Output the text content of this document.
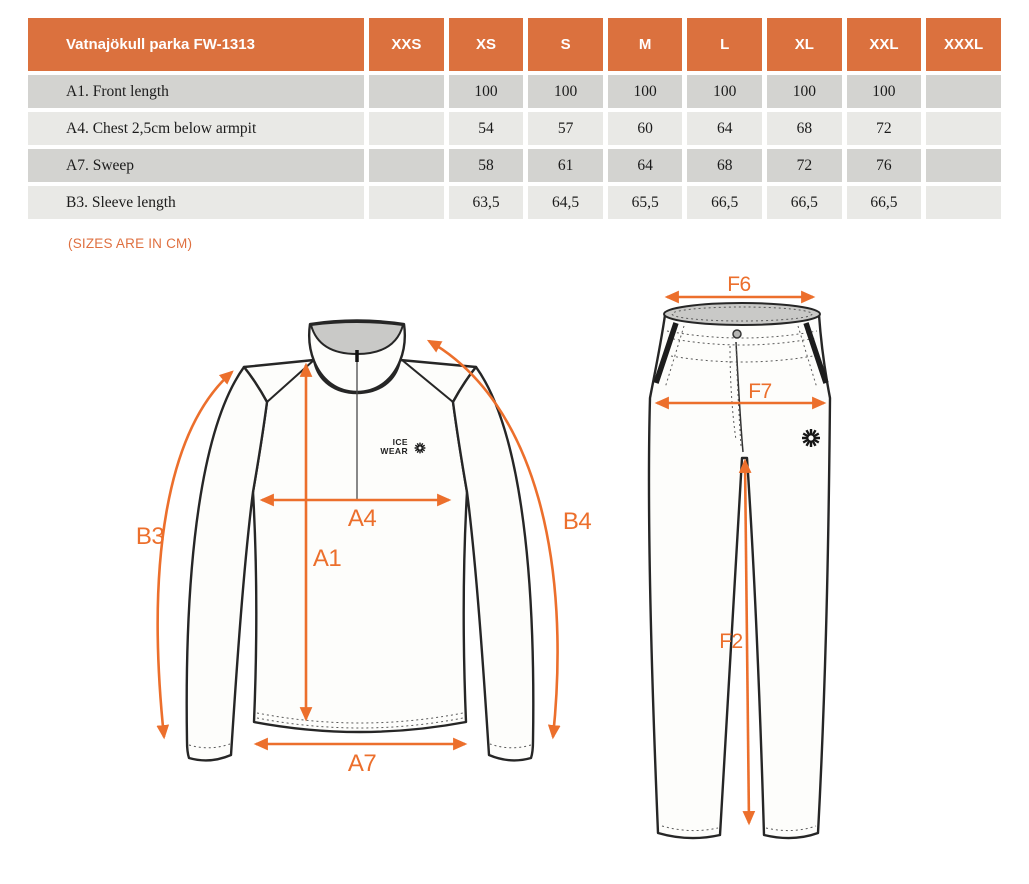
Vatnajökull parka FW-1313	XXS	XS	S	M	L	XL	XXL	XXXL
A1. Front length		100	100	100	100	100	100	
A4. Chest 2,5cm below armpit		54	57	60	64	68	72	
A7. Sweep		58	61	64	68	72	76	
B3. Sleeve length		63,5	64,5	65,5	66,5	66,5	66,5	
(SIZES ARE IN CM)
ICE
WEAR
B3
B4
A4
A1
A7
F6
F7
F2
